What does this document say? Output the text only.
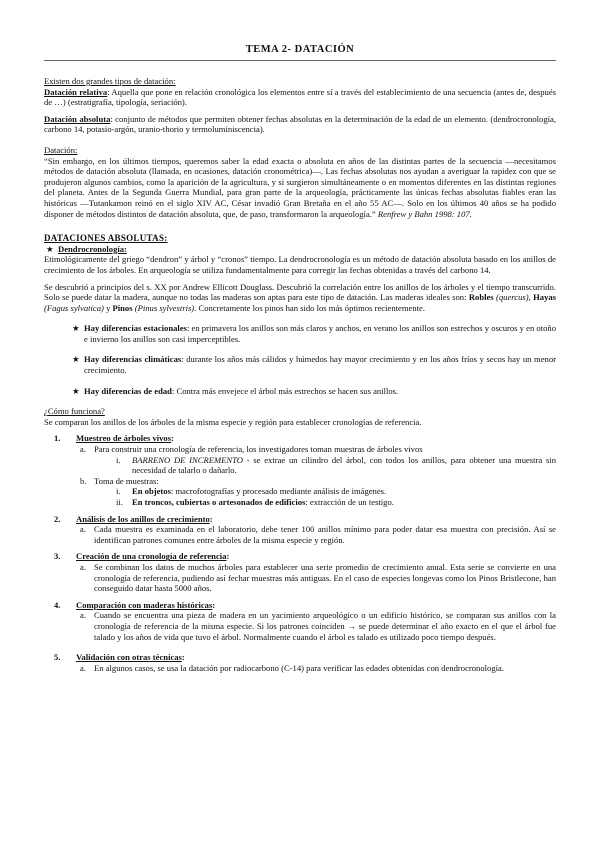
TEMA 2- DATACIÓN

Existen dos grandes tipos de datación:

Datación relativa: Aquella que pone en relación cronológica los elementos entre sí a través del establecimiento de una secuencia (antes de, después de …) (estratigrafía, tipología, seriación).

Datación absoluta: conjunto de métodos que permiten obtener fechas absolutas en la determinación de la edad de un elemento. (dendrocronología, carbono 14, potasio-argón, uranio-thorio y termoluminiscencia).

Datación:

“Sin embargo, en los últimos tiempos, queremos saber la edad exacta o absoluta en años de las distintas partes de la secuencia —necesitamos métodos de datación absoluta (llamada, en ocasiones, datación cronométrica)—. Las fechas absolutas nos ayudan a averiguar la rapidez con que se produjeron algunos cambios, como la aparición de la agricultura, y si surgieron simultáneamente o en momentos diferentes en las distintas regiones del planeta. Antes de la Segunda Guerra Mundial, para gran parte de la arqueología, prácticamente las únicas fechas absolutas fiables eran las históricas —Tutankamon reinó en el siglo XIV AC, César invadió Gran Bretaña en el año 55 AC—. Solo en los últimos 40 años se ha podido disponer de métodos distintos de datación absoluta, que, de paso, transformaron la arqueología.” Renfrew y Bahn 1998: 107.

DATACIONES ABSOLUTAS:

★ Dendrocronología:

Etimológicamente del griego “dendron” y árbol y “cronos” tiempo. La dendrocronología es un método de datación absoluta basado en los anillos de crecimiento de los árboles. En arqueología se utiliza fundamentalmente para corregir las fechas obtenidas a través del carbono 14.

Se descubrió a principios del s. XX por Andrew Ellicott Douglass. Descubrió la correlación entre los anillos de los árboles y el tiempo transcurrido. Solo se puede datar la madera, aunque no todas las maderas son aptas para este tipo de datación. Las maderas ideales son: Robles (quercus), Hayas (Fagus sylvatica) y Pinos (Pinus sylvestris). Concretamente los pinos han sido los más óptimos recientemente.

★ Hay diferencias estacionales: en primavera los anillos son más claros y anchos, en verano los anillos son estrechos y oscuros y en otoño e invierno los anillos son casi imperceptibles.
★ Hay diferencias climáticas: durante los años más cálidos y húmedos hay mayor crecimiento y en los años fríos y secos hay un menor crecimiento.
★ Hay diferencias de edad: Contra más envejece el árbol más estrechos se hacen sus anillos.

¿Cómo funciona?

Se comparan los anillos de los árboles de la misma especie y región para establecer cronologías de referencia.

1. Muestreo de árboles vivos:
a. Para construir una cronología de referencia, los investigadores toman muestras de árboles vivos
i.	BARRENO DE INCREMENTO - se extrae un cilindro del árbol, con todos los anillos, para obtener una muestra sin necesidad de talarlo o dañarlo.
b. Toma de muestras:
i.	En objetos: macrofotografías y procesado mediante análisis de imágenes.
ii.	En troncos, cubiertas o artesonados de edificios: extracción de un testigo.
2. Análisis de los anillos de crecimiento:
a. Cada muestra es examinada en el laboratorio, debe tener 100 anillos mínimo para poder datar esa muestra con precisión. Así se identifican patrones comunes entre árboles de la misma especie y región.
3. Creación de una cronología de referencia:
a. Se combinan los datos de muchos árboles para establecer una serie promedio de crecimiento anual. Esta serie se convierte en una cronología de referencia, pudiendo así fechar muestras más antiguas. En el caso de especies longevas como los Pinos Bristlecone, han conseguido datar hasta 5000 años.
4. Comparación con maderas históricas:
a. Cuando se encuentra una pieza de madera en un yacimiento arqueológico o un edificio histórico, se comparan sus anillos con la cronología de referencia de la misma especie. Si los patrones coinciden → se puede determinar el año exacto en el que el árbol fue talado y los años de vida que tuvo el árbol. Normalmente cuando el árbol es talado es utilizado poco tiempo después.
5. Validación con otras técnicas:
a. En algunos casos, se usa la datación por radiocarbono (C-14) para verificar las edades obtenidas con dendrocronología.
